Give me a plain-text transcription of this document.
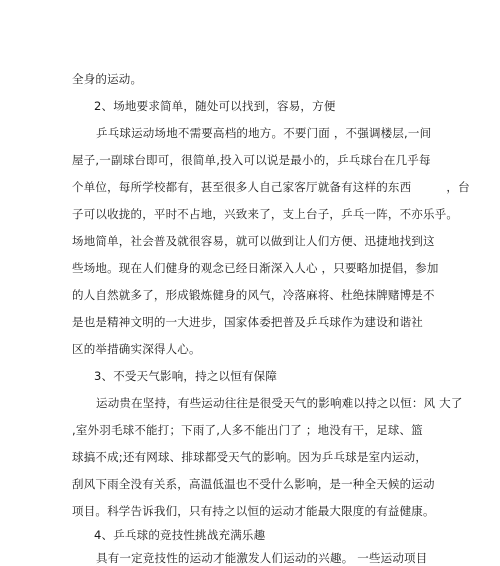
全身的运动。
2、场地要求简单，随处可以找到，容易，方便
乒乓球运动场地不需要高档的地方。不要门面 ，不强调楼层,一间
屋子,一副球台即可，很简单,投入可以说是最小的，乒乓球台在几乎每
个单位，每所学校都有，甚至很多人自己家客厅就备有这样的东西　　　，台
子可以收拢的，平时不占地，兴致来了，支上台子，乒乓一阵，不亦乐乎。
场地简单，社会普及就很容易，就可以做到让人们方便、迅捷地找到这
些场地。现在人们健身的观念已经日渐深入人心 ，只要略加提倡，参加
的人自然就多了，形成锻炼健身的风气，冷落麻将、杜绝抹牌赌博是不
是也是精神文明的一大进步，国家体委把普及乒乓球作为建设和谐社
区的举措确实深得人心。
3、不受天气影响，持之以恒有保障
运动贵在坚持，有些运动往往是很受天气的影响难以持之以恒：风 大了
,室外羽毛球不能打；下雨了,人多不能出门了 ；地没有干，足球、篮
球搞不成;还有网球、排球都受天气的影响。因为乒乓球是室内运动，
刮风下雨全没有关系，高温低温也不受什么影响，是一种全天候的运动
项目。科学告诉我们，只有持之以恒的运动才能最大限度的有益健康。
4、乒乓球的竞技性挑战充满乐趣
具有一定竞技性的运动才能激发人们运动的兴趣。 一些运动项目
